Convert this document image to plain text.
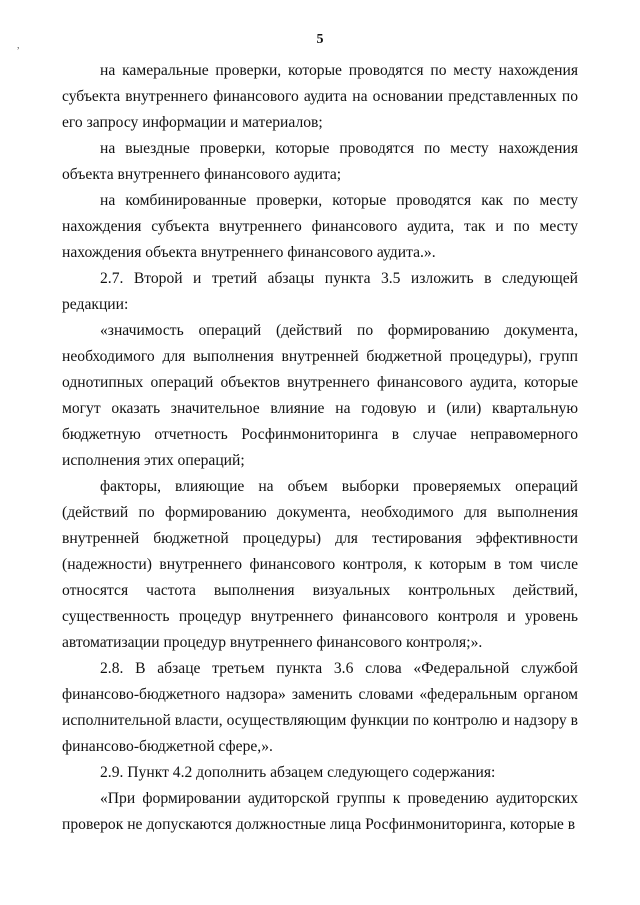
,	5

на камеральные проверки, которые проводятся по месту нахождения субъекта внутреннего финансового аудита на основании представленных по его запросу информации и материалов;

на выездные проверки, которые проводятся по месту нахождения объекта внутреннего финансового аудита;

на комбинированные проверки, которые проводятся как по месту нахождения субъекта внутреннего финансового аудита, так и по месту нахождения объекта внутреннего финансового аудита.».

2.7. Второй и третий абзацы пункта 3.5 изложить в следующей редакции:

«значимость операций (действий по формированию документа, необходимого для выполнения внутренней бюджетной процедуры), групп однотипных операций объектов внутреннего финансового аудита, которые могут оказать значительное влияние на годовую и (или) квартальную бюджетную отчетность Росфинмониторинга в случае неправомерного исполнения этих операций;

факторы, влияющие на объем выборки проверяемых операций (действий по формированию документа, необходимого для выполнения внутренней бюджетной процедуры) для тестирования эффективности (надежности) внутреннего финансового контроля, к которым в том числе относятся частота выполнения визуальных контрольных действий, существенность процедур внутреннего финансового контроля и уровень автоматизации процедур внутреннего финансового контроля;».

2.8. В абзаце третьем пункта 3.6 слова «Федеральной службой финансово-бюджетного надзора» заменить словами «федеральным органом исполнительной власти, осуществляющим функции по контролю и надзору в финансово-бюджетной сфере,».

2.9. Пункт 4.2 дополнить абзацем следующего содержания:

«При формировании аудиторской группы к проведению аудиторских проверок не допускаются должностные лица Росфинмониторинга, которые в
